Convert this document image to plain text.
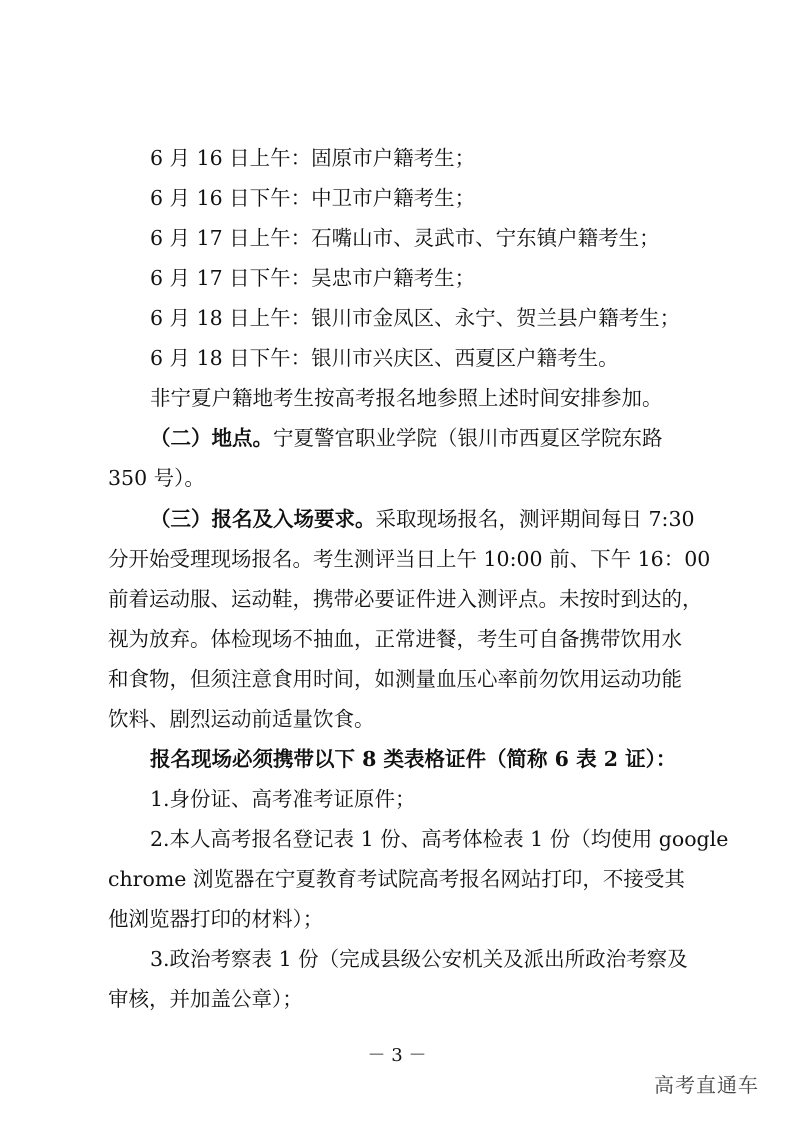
6 月 16 日上午：固原市户籍考生；
6 月 16 日下午：中卫市户籍考生；
6 月 17 日上午：石嘴山市、灵武市、宁东镇户籍考生；
6 月 17 日下午：吴忠市户籍考生；
6 月 18 日上午：银川市金凤区、永宁、贺兰县户籍考生；
6 月 18 日下午：银川市兴庆区、西夏区户籍考生。
非宁夏户籍地考生按高考报名地参照上述时间安排参加。
（二）地点。宁夏警官职业学院（银川市西夏区学院东路
350 号）。
（三）报名及入场要求。采取现场报名，测评期间每日 7:30
分开始受理现场报名。考生测评当日上午 10:00 前、下午 16：00
前着运动服、运动鞋，携带必要证件进入测评点。未按时到达的，
视为放弃。体检现场不抽血，正常进餐，考生可自备携带饮用水
和食物，但须注意食用时间，如测量血压心率前勿饮用运动功能
饮料、剧烈运动前适量饮食。
报名现场必须携带以下 8 类表格证件（简称 6 表 2 证）：
1.身份证、高考准考证原件；
2.本人高考报名登记表 1 份、高考体检表 1 份（均使用 google
chrome 浏览器在宁夏教育考试院高考报名网站打印，不接受其
他浏览器打印的材料）；
3.政治考察表 1 份（完成县级公安机关及派出所政治考察及
审核，并加盖公章）；
－ 3 －
高考直通车
